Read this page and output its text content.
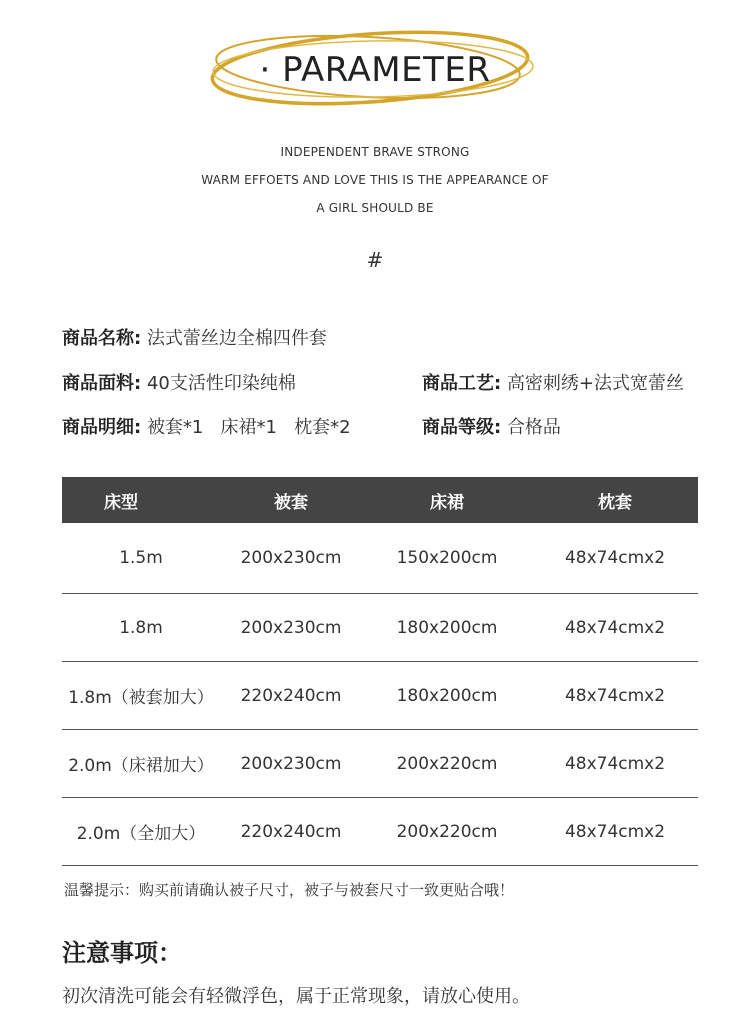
· PARAMETER
INDEPENDENT BRAVE STRONG
WARM EFFOETS AND LOVE THIS IS THE APPEARANCE OF
A GIRL SHOULD BE
#
商品名称: 法式蕾丝边全棉四件套
商品面料: 40支活性印染纯棉	商品工艺: 高密刺绣+法式宽蕾丝
商品明细: 被套*1   床裙*1   枕套*2	商品等级: 合格品
床型	被套	床裙	枕套
1.5m	200x230cm	150x200cm	48x74cmx2
1.8m	200x230cm	180x200cm	48x74cmx2
1.8m（被套加大）	220x240cm	180x200cm	48x74cmx2
2.0m（床裙加大）	200x230cm	200x220cm	48x74cmx2
2.0m（全加大）	220x240cm	200x220cm	48x74cmx2
温馨提示：购买前请确认被子尺寸，被子与被套尺寸一致更贴合哦！
注意事项：
初次清洗可能会有轻微浮色，属于正常现象，请放心使用。
